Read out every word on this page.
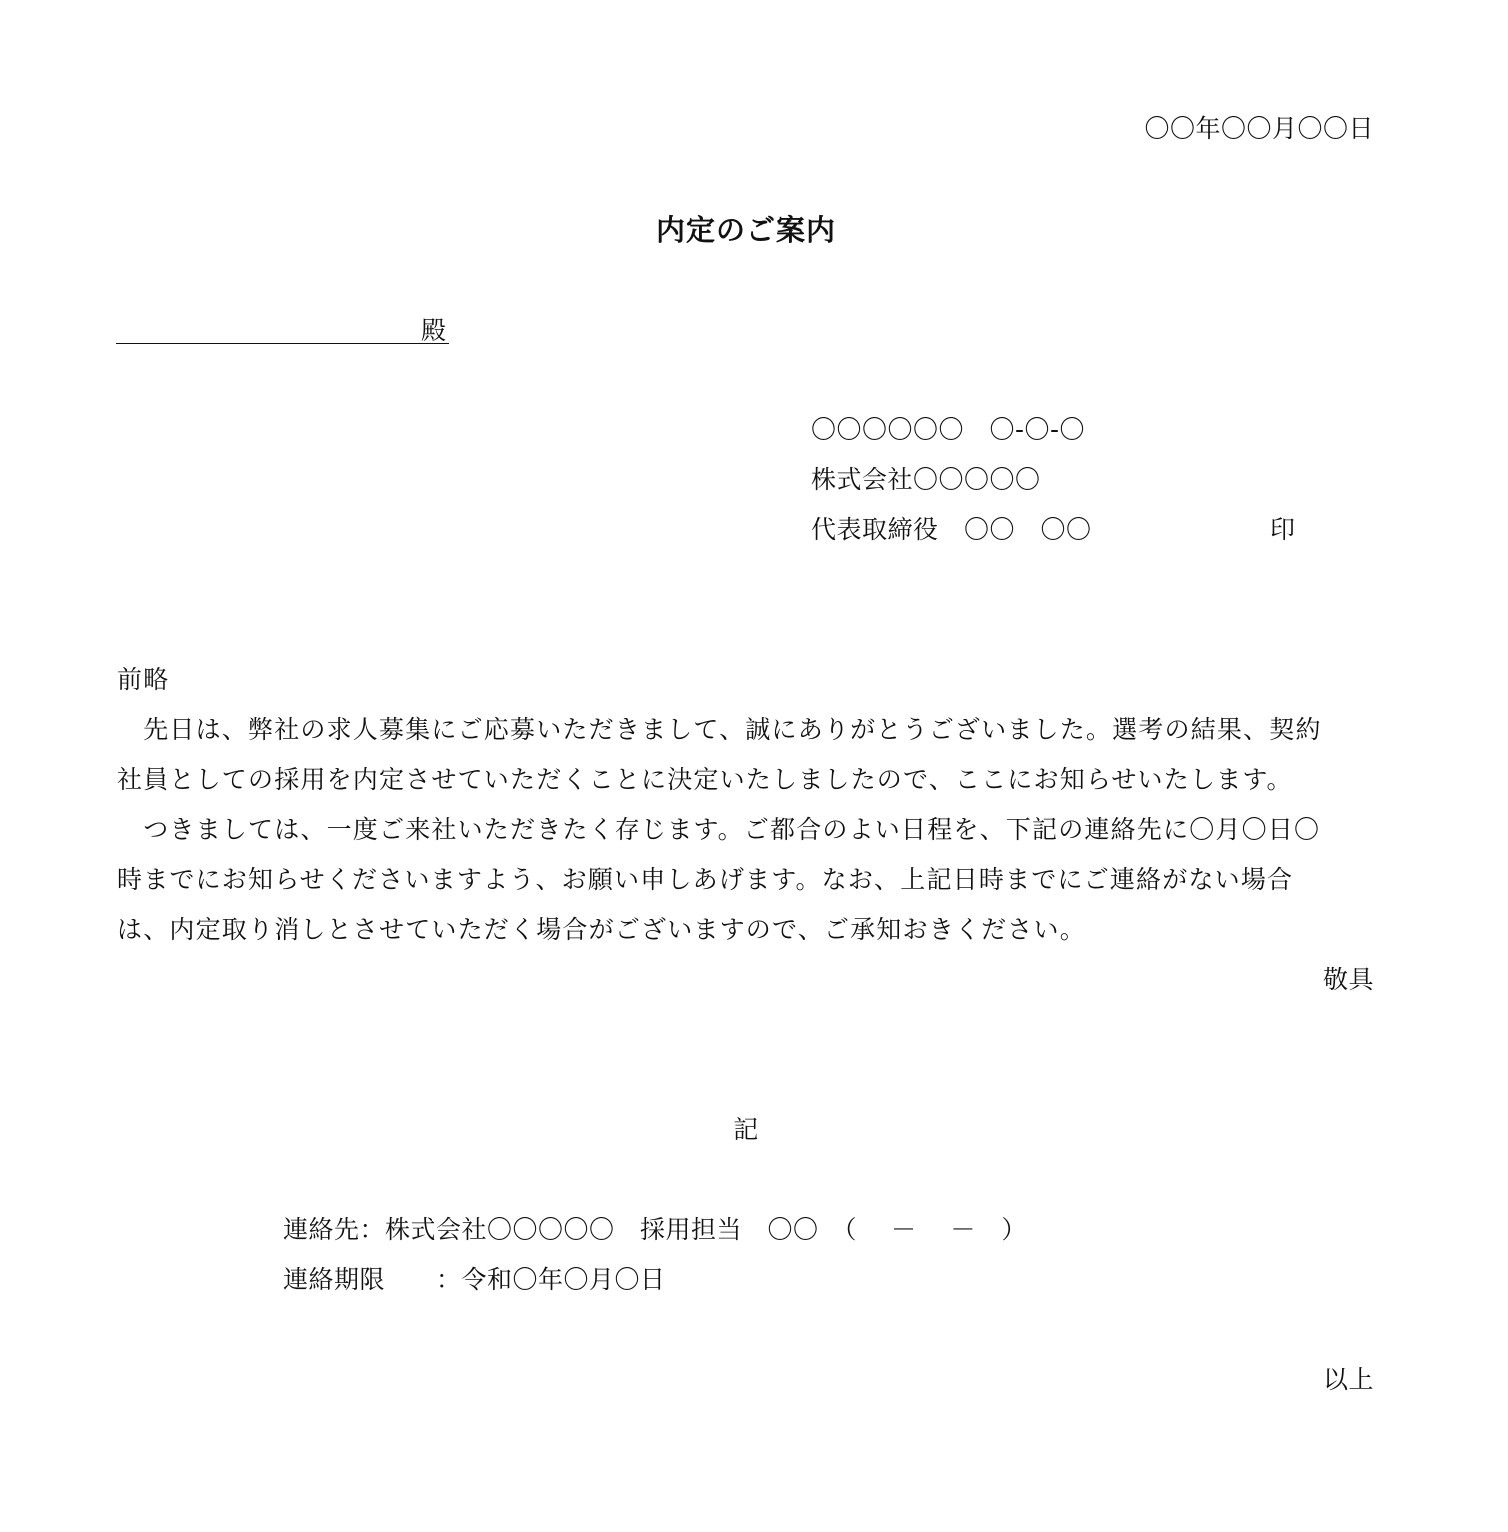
〇〇年〇〇月〇〇日
内定のご案内
殿
〇〇〇〇〇〇　〇-〇-〇
株式会社〇〇〇〇〇
代表取締役　〇〇　〇〇	印
前略
　先日は、弊社の求人募集にご応募いただきまして、誠にありがとうございました。選考の結果、契約
社員としての採用を内定させていただくことに決定いたしましたので、ここにお知らせいたします。
　つきましては、一度ご来社いただきたく存じます。ご都合のよい日程を、下記の連絡先に〇月〇日〇
時までにお知らせくださいますよう、お願い申しあげます。なお、上記日時までにご連絡がない場合
は、内定取り消しとさせていただく場合がございますので、ご承知おきください。
敬具
記
連絡先：株式会社〇〇〇〇〇　採用担当　〇〇　（　 －　 －　）
連絡期限　　：令和〇年〇月〇日
以上
